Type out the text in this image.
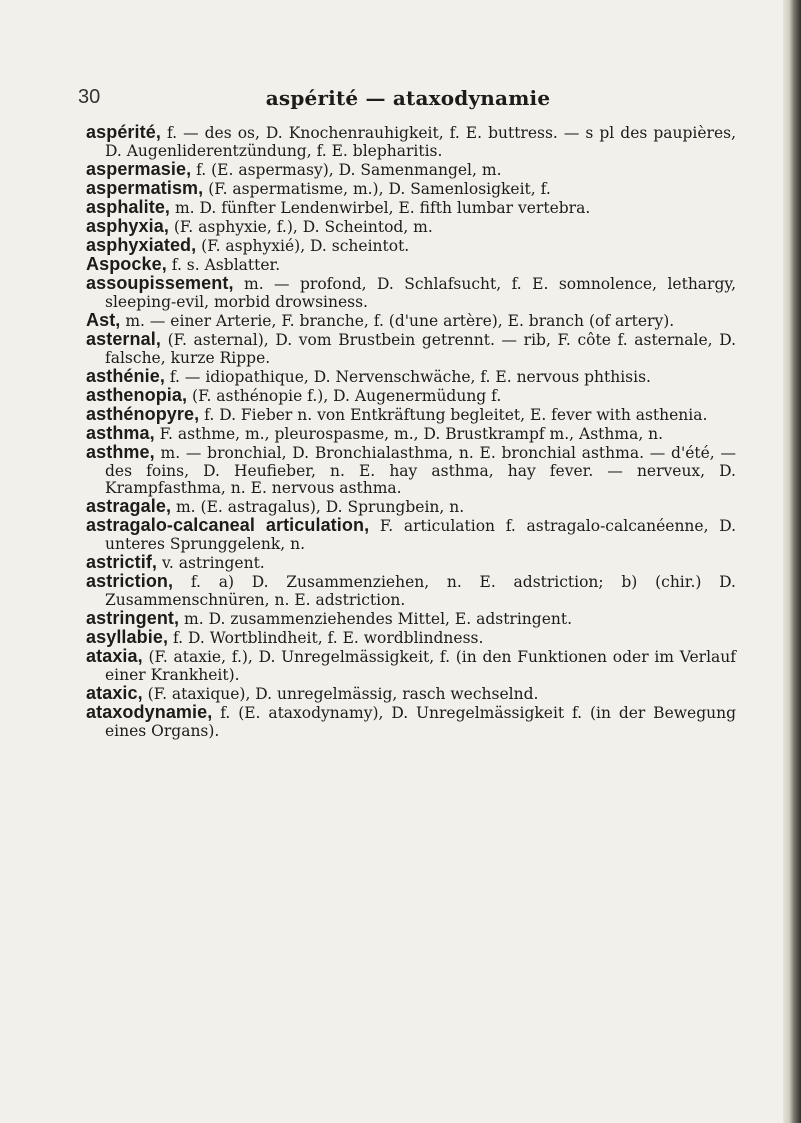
30	aspérité — ataxodynamie

aspérité, f. — des os, D. Knochenrauhigkeit, f. E. buttress. — s pl des paupières, D. Augenliderentzündung, f. E. blepharitis.

aspermasie, f. (E. aspermasy), D. Samenmangel, m.

aspermatism, (F. aspermatisme, m.), D. Samenlosigkeit, f.

asphalite, m. D. fünfter Lendenwirbel, E. fifth lumbar vertebra.

asphyxia, (F. asphyxie, f.), D. Scheintod, m.

asphyxiated, (F. asphyxié), D. scheintot.

Aspocke, f. s. Asblatter.

assoupissement, m. — profond, D. Schlafsucht, f. E. somnolence, lethargy, sleeping-evil, morbid drowsiness.

Ast, m. — einer Arterie, F. branche, f. (d'une artère), E. branch (of artery).

asternal, (F. asternal), D. vom Brustbein getrennt. — rib, F. côte f. asternale, D. falsche, kurze Rippe.

asthénie, f. — idiopathique, D. Nervenschwäche, f. E. nervous phthisis.

asthenopia, (F. asthénopie f.), D. Augenermüdung f.

asthénopyre, f. D. Fieber n. von Entkräftung begleitet, E. fever with asthenia.

asthma, F. asthme, m., pleurospasme, m., D. Brustkrampf m., Asthma, n.

asthme, m. — bronchial, D. Bronchialasthma, n. E. bronchial asthma. — d'été, — des foins, D. Heufieber, n. E. hay asthma, hay fever. — nerveux, D. Krampfasthma, n. E. nervous asthma.

astragale, m. (E. astragalus), D. Sprungbein, n.

astragalo-calcaneal articulation, F. articulation f. astragalo-calcanéenne, D. unteres Sprunggelenk, n.

astrictif, v. astringent.

astriction, f. a) D. Zusammenziehen, n. E. adstriction; b) (chir.) D. Zusammenschnüren, n. E. adstriction.

astringent, m. D. zusammenziehendes Mittel, E. adstringent.

asyllabie, f. D. Wortblindheit, f. E. wordblindness.

ataxia, (F. ataxie, f.), D. Unregelmässigkeit, f. (in den Funktionen oder im Verlauf einer Krankheit).

ataxic, (F. ataxique), D. unregelmässig, rasch wechselnd.

ataxodynamie, f. (E. ataxodynamy), D. Unregelmässigkeit f. (in der Bewegung eines Organs).
